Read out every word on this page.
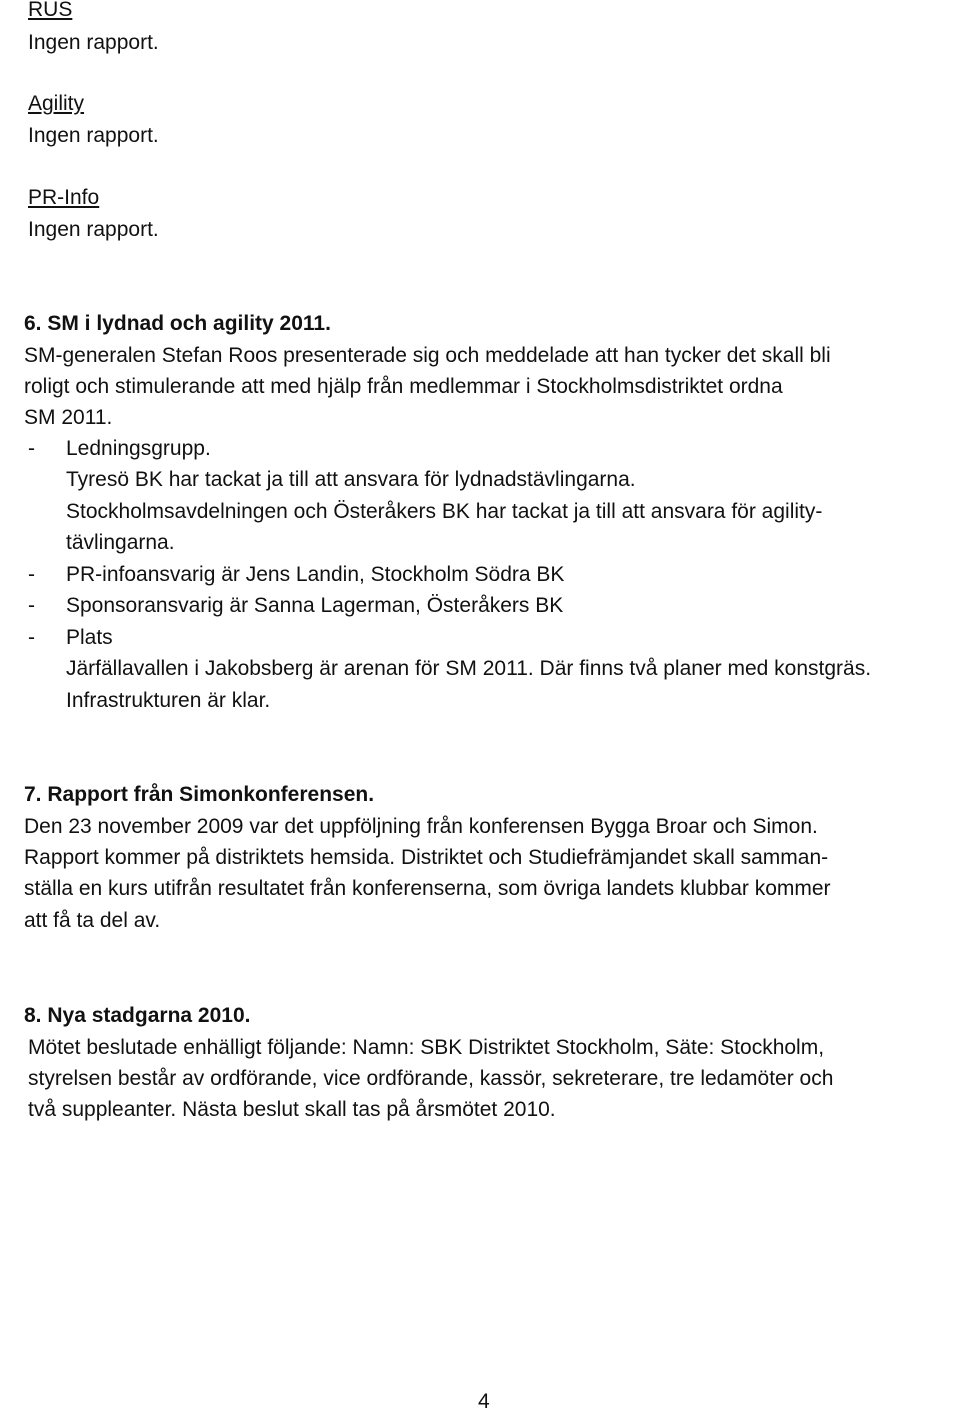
RUS

Ingen rapport.

Agility

Ingen rapport.

PR-Info

Ingen rapport.

6. SM i lydnad och agility 2011.

SM-generalen Stefan Roos presenterade sig och meddelade att han tycker det skall bli

roligt och stimulerande att med hjälp från medlemmar i Stockholmsdistriktet ordna

SM 2011.

- Ledningsgrupp.

Tyresö BK har tackat ja till att ansvara för lydnadstävlingarna.

Stockholmsavdelningen och Österåkers BK har tackat ja till att ansvara för agility-

tävlingarna.

- PR-infoansvarig är Jens Landin, Stockholm Södra BK

- Sponsoransvarig är Sanna Lagerman, Österåkers BK

- Plats

Järfällavallen i Jakobsberg är arenan för SM 2011. Där finns två planer med konstgräs.

Infrastrukturen är klar.

7. Rapport från Simonkonferensen.

Den 23 november 2009 var det uppföljning från konferensen Bygga Broar och Simon.

Rapport kommer på distriktets hemsida. Distriktet och Studiefrämjandet skall samman-

ställa en kurs utifrån resultatet från konferenserna, som övriga landets klubbar kommer

att få ta del av.

8. Nya stadgarna 2010.

Mötet beslutade enhälligt följande: Namn: SBK Distriktet Stockholm, Säte: Stockholm,

styrelsen består av ordförande, vice ordförande, kassör, sekreterare, tre ledamöter och

två suppleanter. Nästa beslut skall tas på årsmötet 2010.

4
